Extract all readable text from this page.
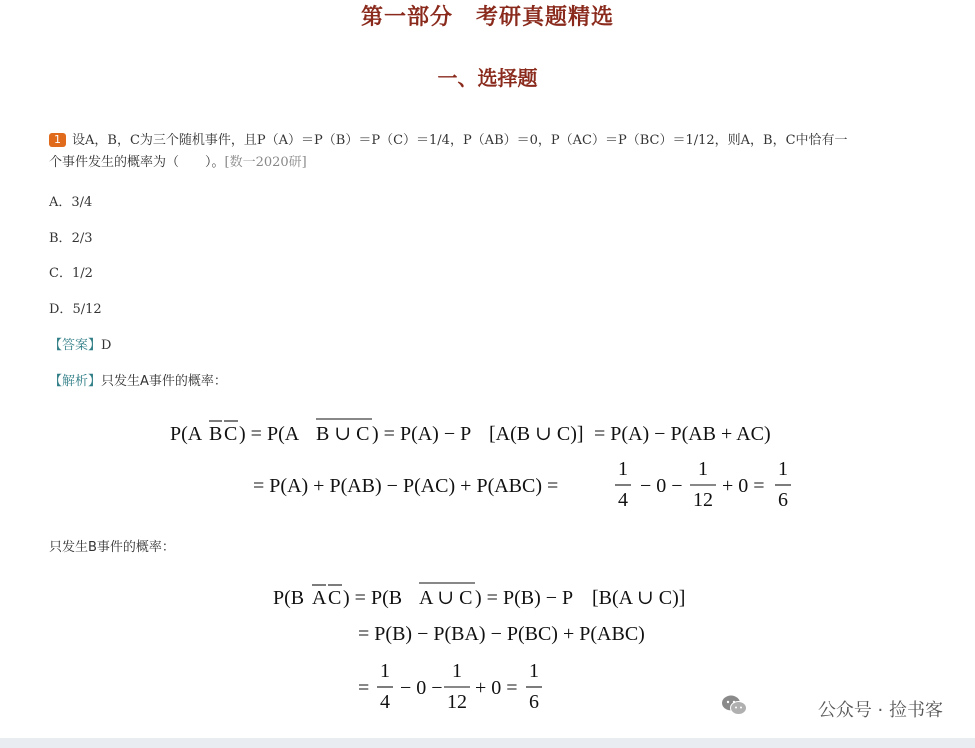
第一部分　考研真题精选
一、选择题
1 设A，B，C为三个随机事件，且P（A）＝P（B）＝P（C）＝1/4，P（AB）＝0，P（AC）＝P（BC）＝1/12，则A，B，C中恰有一
个事件发生的概率为（　　）。[数一2020研]
A．3/4
B．2/3
C．1/2
D．5/12
【答案】D
【解析】只发生A事件的概率：
P(A B C ) = P(A B ∪ C ) = P(A) − P [A(B ∪ C)] = P(A) − P(AB + AC)
= P(A) + P(AB) − P(AC) + P(ABC) =
1
4
− 0 −
1
12
+ 0 =
1
6
只发生B事件的概率：
P(B A C ) = P(B A ∪ C ) = P(B) − P [B(A ∪ C)]
= P(B) − P(BA) − P(BC) + P(ABC)
=
1
4
− 0 −
1
12
+ 0 =
1
6	公众号 · 捡书客
